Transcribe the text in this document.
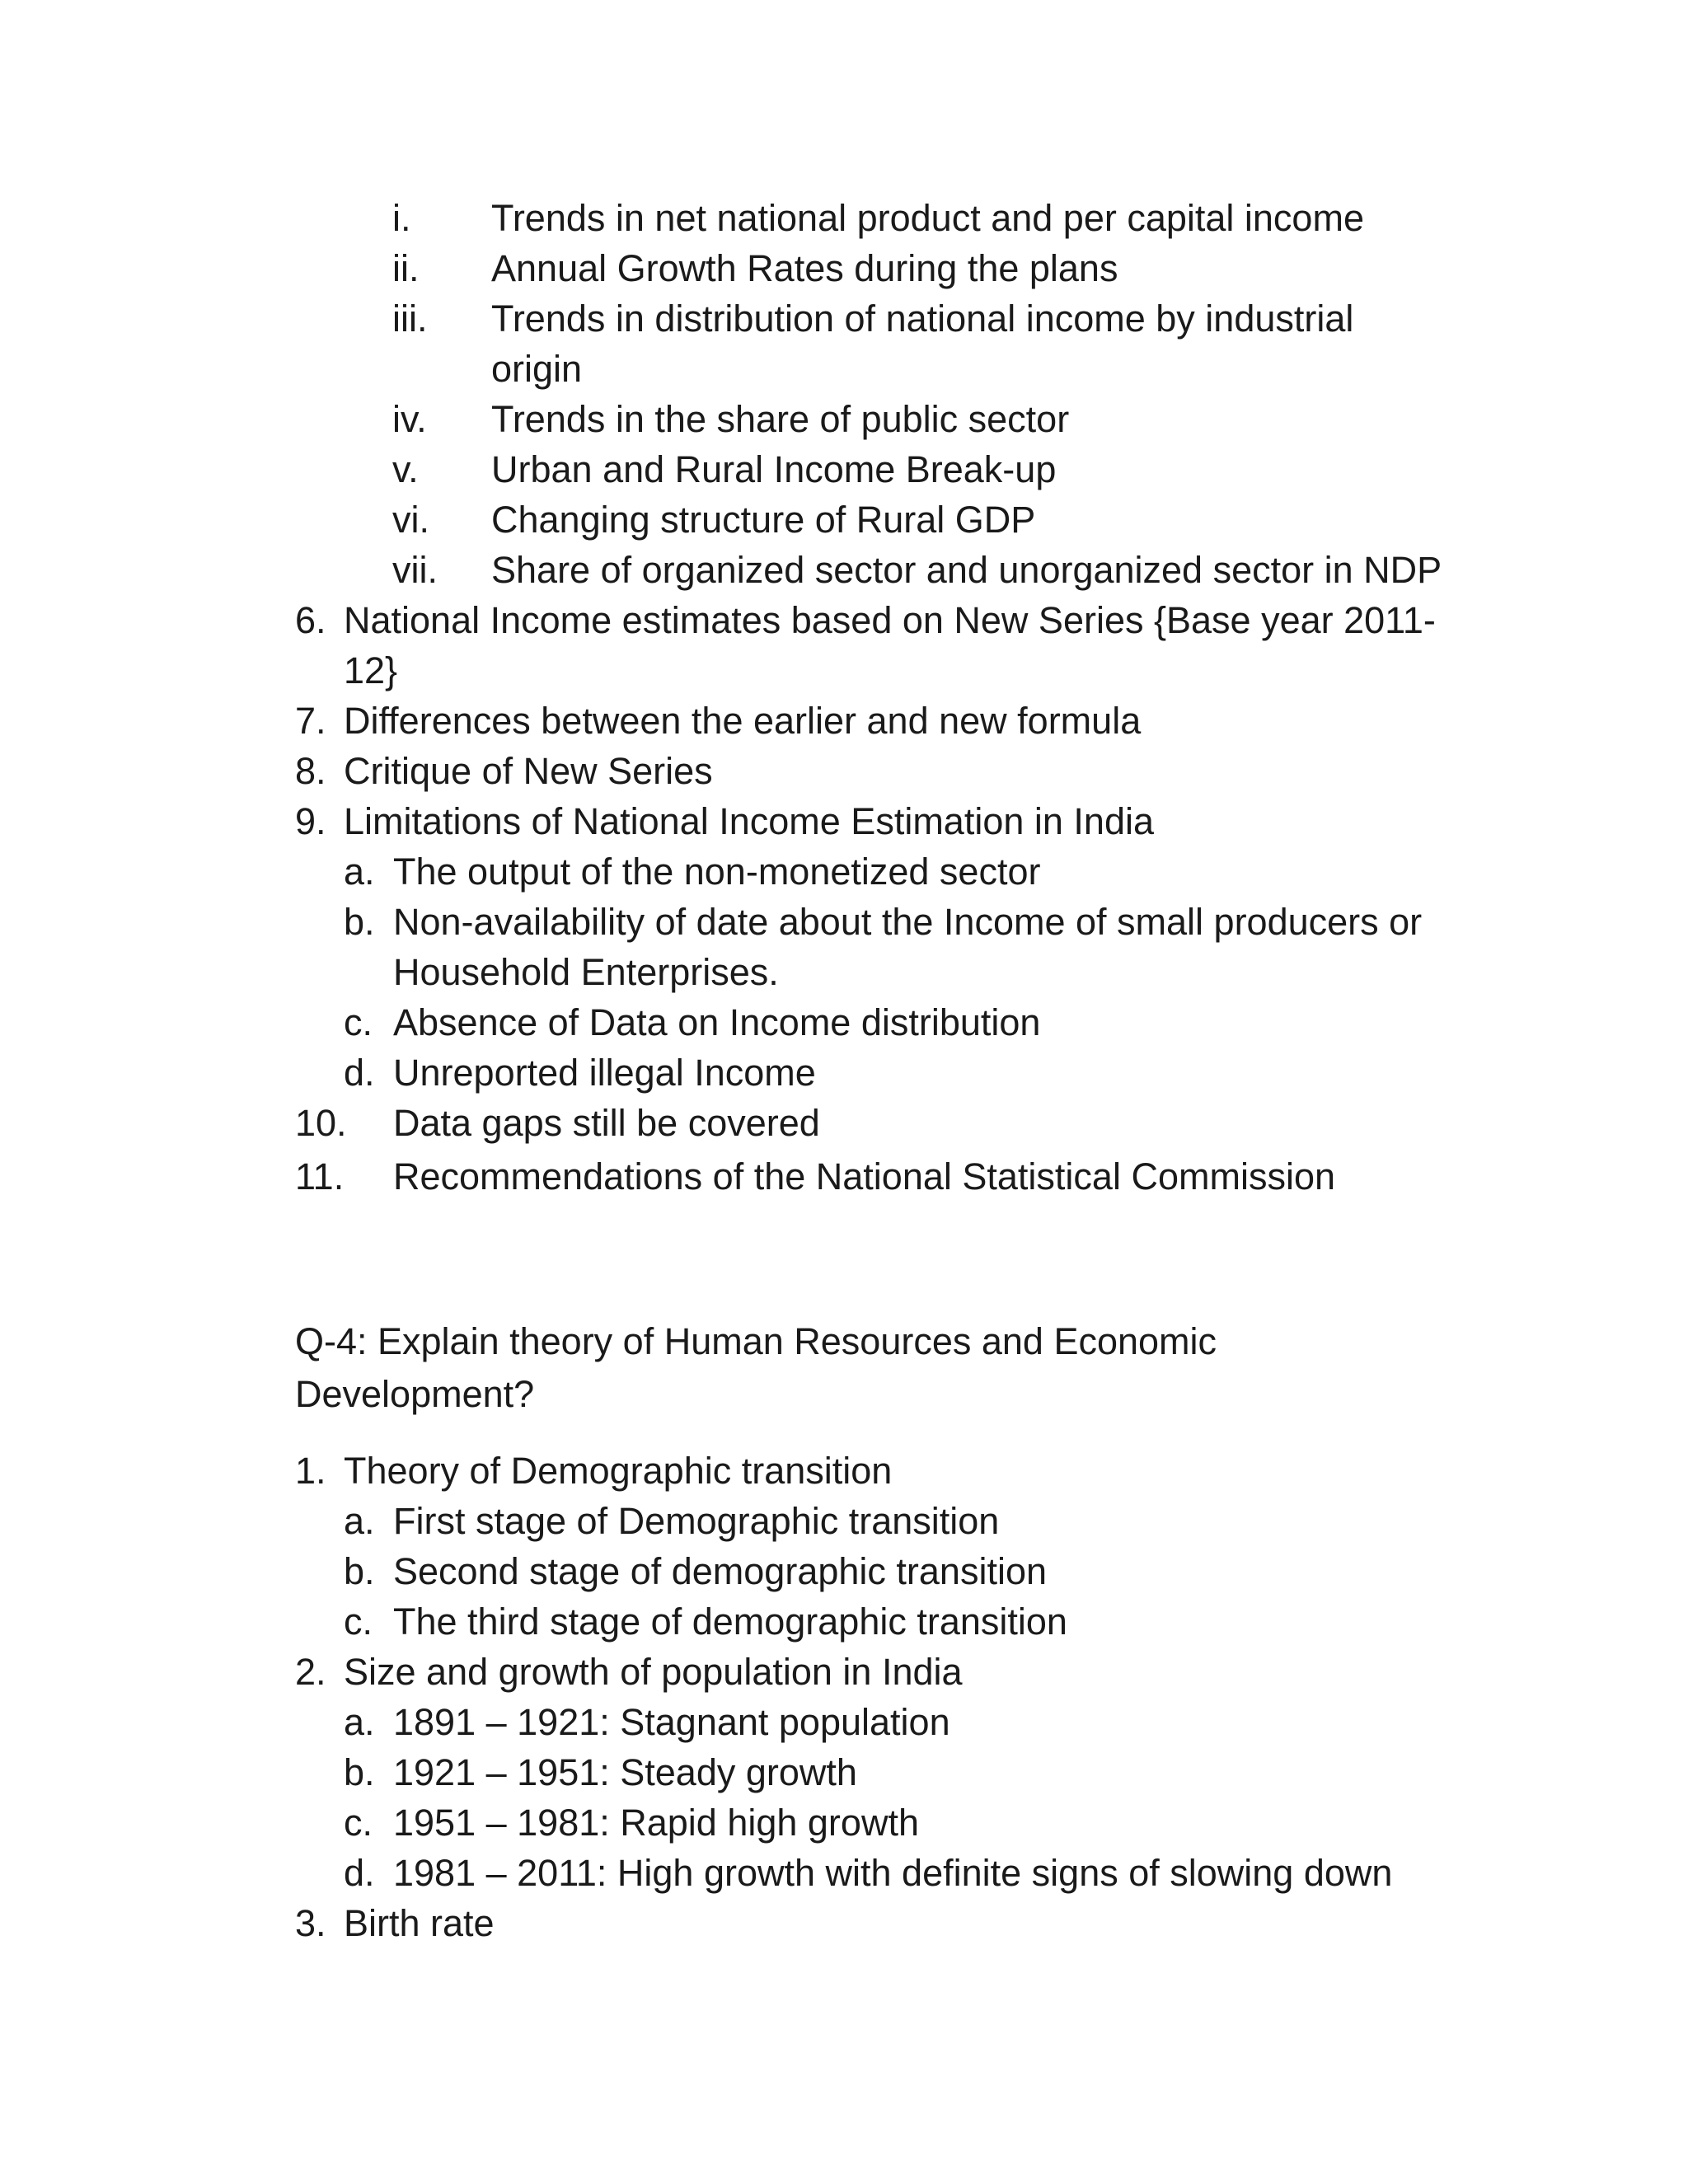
i. Trends in net national product and per capital income
ii. Annual Growth Rates during the plans
iii. Trends in distribution of national income by industrial
origin
iv. Trends in the share of public sector
v. Urban and Rural Income Break-up
vi. Changing structure of Rural GDP
vii. Share of organized sector and unorganized sector in NDP
6. National Income estimates based on New Series {Base year 2011-
12}
7. Differences between the earlier and new formula
8. Critique of New Series
9. Limitations of National Income Estimation in India
a. The output of the non-monetized sector
b. Non-availability of date about the Income of small producers or
Household Enterprises.
c. Absence of Data on Income distribution
d. Unreported illegal Income
10. Data gaps still be covered
11. Recommendations of the National Statistical Commission
Q-4: Explain theory of Human Resources and Economic
Development?
1. Theory of Demographic transition
a. First stage of Demographic transition
b. Second stage of demographic transition
c. The third stage of demographic transition
2. Size and growth of population in India
a. 1891 – 1921: Stagnant population
b. 1921 – 1951: Steady growth
c. 1951 – 1981: Rapid high growth
d. 1981 – 2011: High growth with definite signs of slowing down
3. Birth rate
